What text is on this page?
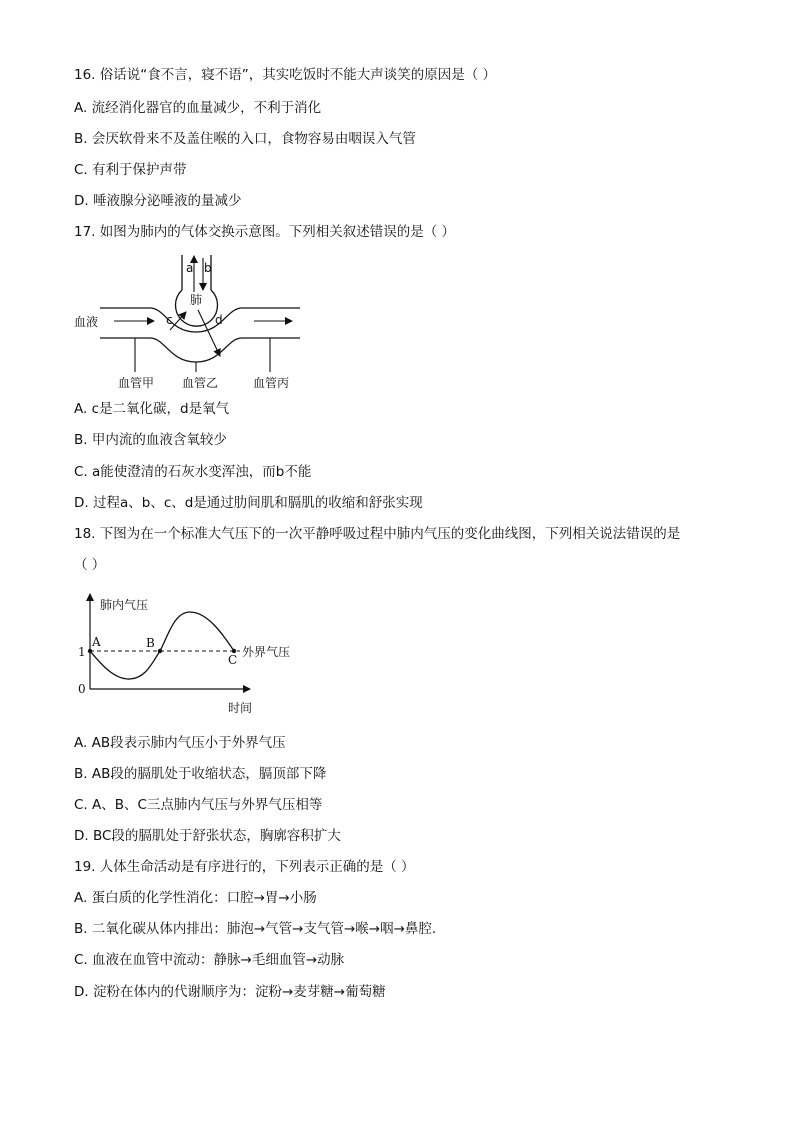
16. 俗话说“食不言，寝不语”，其实吃饭时不能大声谈笑的原因是（ ）
A. 流经消化器官的血量减少，不利于消化
B. 会厌软骨来不及盖住喉的入口，食物容易由咽误入气管
C. 有利于保护声带
D. 唾液腺分泌唾液的量减少
17. 如图为肺内的气体交换示意图。下列相关叙述错误的是（ ）
a b
肺
c	d
血液
血管甲 血管乙	血管丙
A. c是二氧化碳，d是氧气
B. 甲内流的血液含氧较少
C. a能使澄清的石灰水变浑浊，而b不能
D. 过程a、b、c、d是通过肋间肌和膈肌的收缩和舒张实现
18. 下图为在一个标准大气压下的一次平静呼吸过程中肺内气压的变化曲线图，下列相关说法错误的是
（ ）
肺内气压
时间
1
0
外界气压
A	B
C
A. AB段表示肺内气压小于外界气压
B. AB段的膈肌处于收缩状态，膈顶部下降
C. A、B、C三点肺内气压与外界气压相等
D. BC段的膈肌处于舒张状态，胸廓容积扩大
19. 人体生命活动是有序进行的，下列表示正确的是（ ）
A. 蛋白质的化学性消化：口腔→胃→小肠
B. 二氧化碳从体内排出：肺泡→气管→支气管→喉→咽→鼻腔.
C. 血液在血管中流动：静脉→毛细血管→动脉
D. 淀粉在体内的代谢顺序为：淀粉→麦芽糖→葡萄糖
